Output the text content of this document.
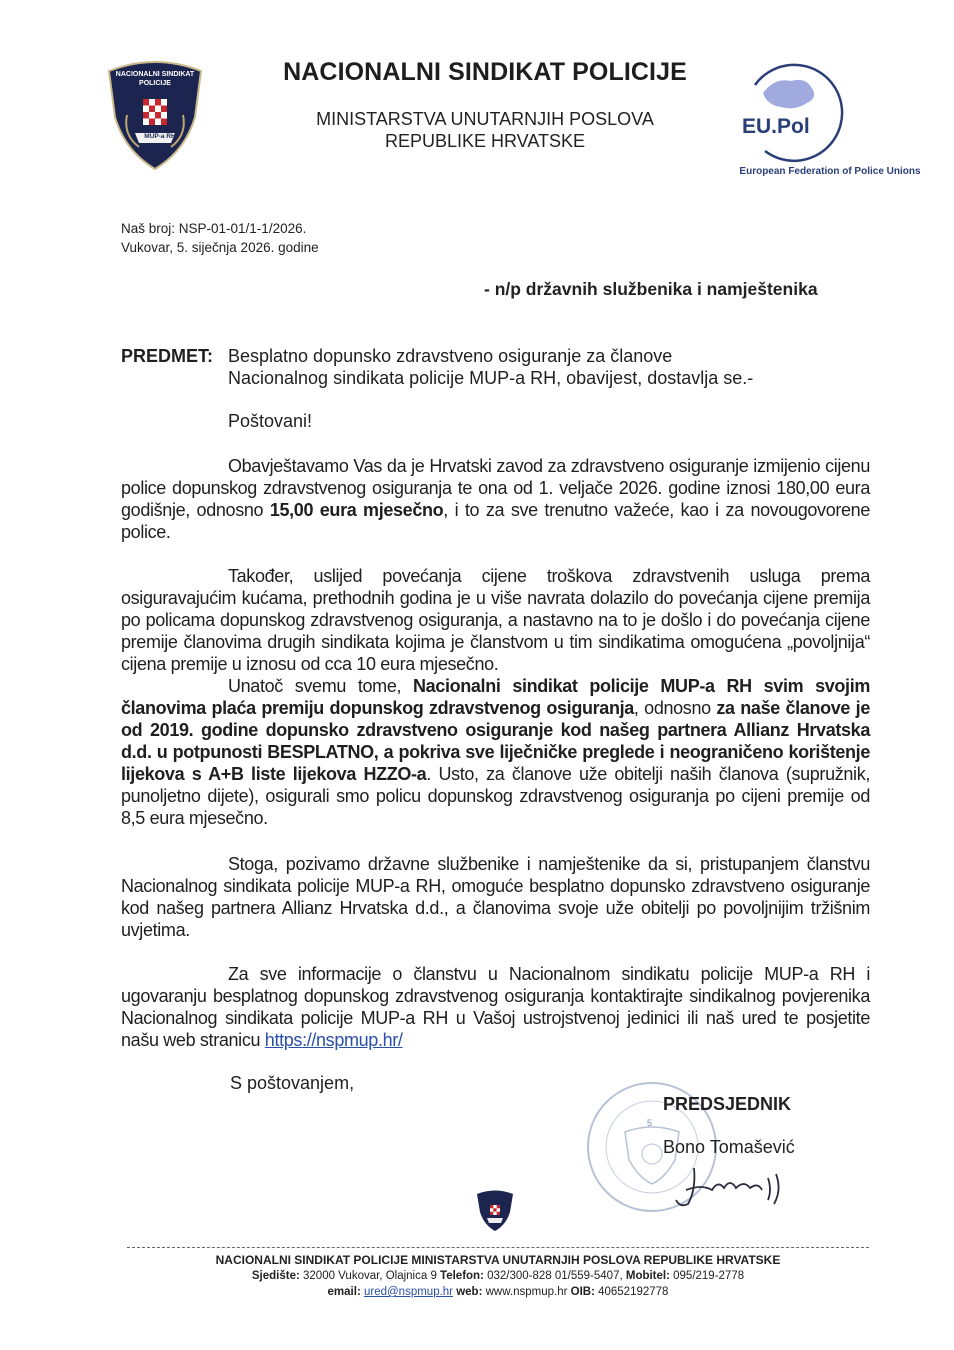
NACIONALNI SINDIKAT
POLICIJE
MUP-a RH
NACIONALNI SINDIKAT POLICIJE
MINISTARSTVA UNUTARNJIH POSLOVA
REPUBLIKE HRVATSKE
EU.Pol
European Federation of Police Unions
Naš broj: NSP-01-01/1-1/2026.
Vukovar, 5. siječnja 2026. godine
- n/p državnih službenika i namještenika
PREDMET: Besplatno dopunsko zdravstveno osiguranje za članove
Nacionalnog sindikata policije MUP-a RH, obavijest, dostavlja se.-
Poštovani!

Obavještavamo Vas da je Hrvatski zavod za zdravstveno osiguranje izmijenio cijenu police dopunskog zdravstvenog osiguranja te ona od 1. veljače 2026. godine iznosi 180,00 eura godišnje, odnosno 15,00 eura mjesečno, i to za sve trenutno važeće, kao i za novougovorene police.

Također, uslijed povećanja cijene troškova zdravstvenih usluga prema osiguravajućim kućama, prethodnih godina je u više navrata dolazilo do povećanja cijene premija po policama dopunskog zdravstvenog osiguranja, a nastavno na to je došlo i do povećanja cijene premije članovima drugih sindikata kojima je članstvom u tim sindikatima omogućena „povoljnija“ cijena premije u iznosu od cca 10 eura mjesečno.

Unatoč svemu tome, Nacionalni sindikat policije MUP-a RH svim svojim članovima plaća premiju dopunskog zdravstvenog osiguranja, odnosno za naše članove je od 2019. godine dopunsko zdravstveno osiguranje kod našeg partnera Allianz Hrvatska d.d. u potpunosti BESPLATNO, a pokriva sve liječničke preglede i neograničeno korištenje lijekova s A+B liste lijekova HZZO-a. Usto, za članove uže obitelji naših članova (supružnik, punoljetno dijete), osigurali smo policu dopunskog zdravstvenog osiguranja po cijeni premije od 8,5 eura mjesečno.

Stoga, pozivamo državne službenike i namještenike da si, pristupanjem članstvu Nacionalnog sindikata policije MUP-a RH, omoguće besplatno dopunsko zdravstveno osiguranje kod našeg partnera Allianz Hrvatska d.d., a članovima svoje uže obitelji po povoljnijim tržišnim uvjetima.

Za sve informacije o članstvu u Nacionalnom sindikatu policije MUP-a RH i ugovaranju besplatnog dopunskog zdravstvenog osiguranja kontaktirajte sindikalnog povjerenika Nacionalnog sindikata policije MUP-a RH u Vašoj ustrojstvenoj jedinici ili naš ured te posjetite našu web stranicu https://nspmup.hr/

S poštovanjem,
5
PREDSJEDNIK
Bono Tomašević
NACIONALNI SINDIKAT POLICIJE MINISTARSTVA UNUTARNJIH POSLOVA REPUBLIKE HRVATSKE
Sjedište: 32000 Vukovar, Olajnica 9 Telefon: 032/300-828 01/559-5407, Mobitel: 095/219-2778
email: ured@nspmup.hr web: www.nspmup.hr OIB: 40652192778
